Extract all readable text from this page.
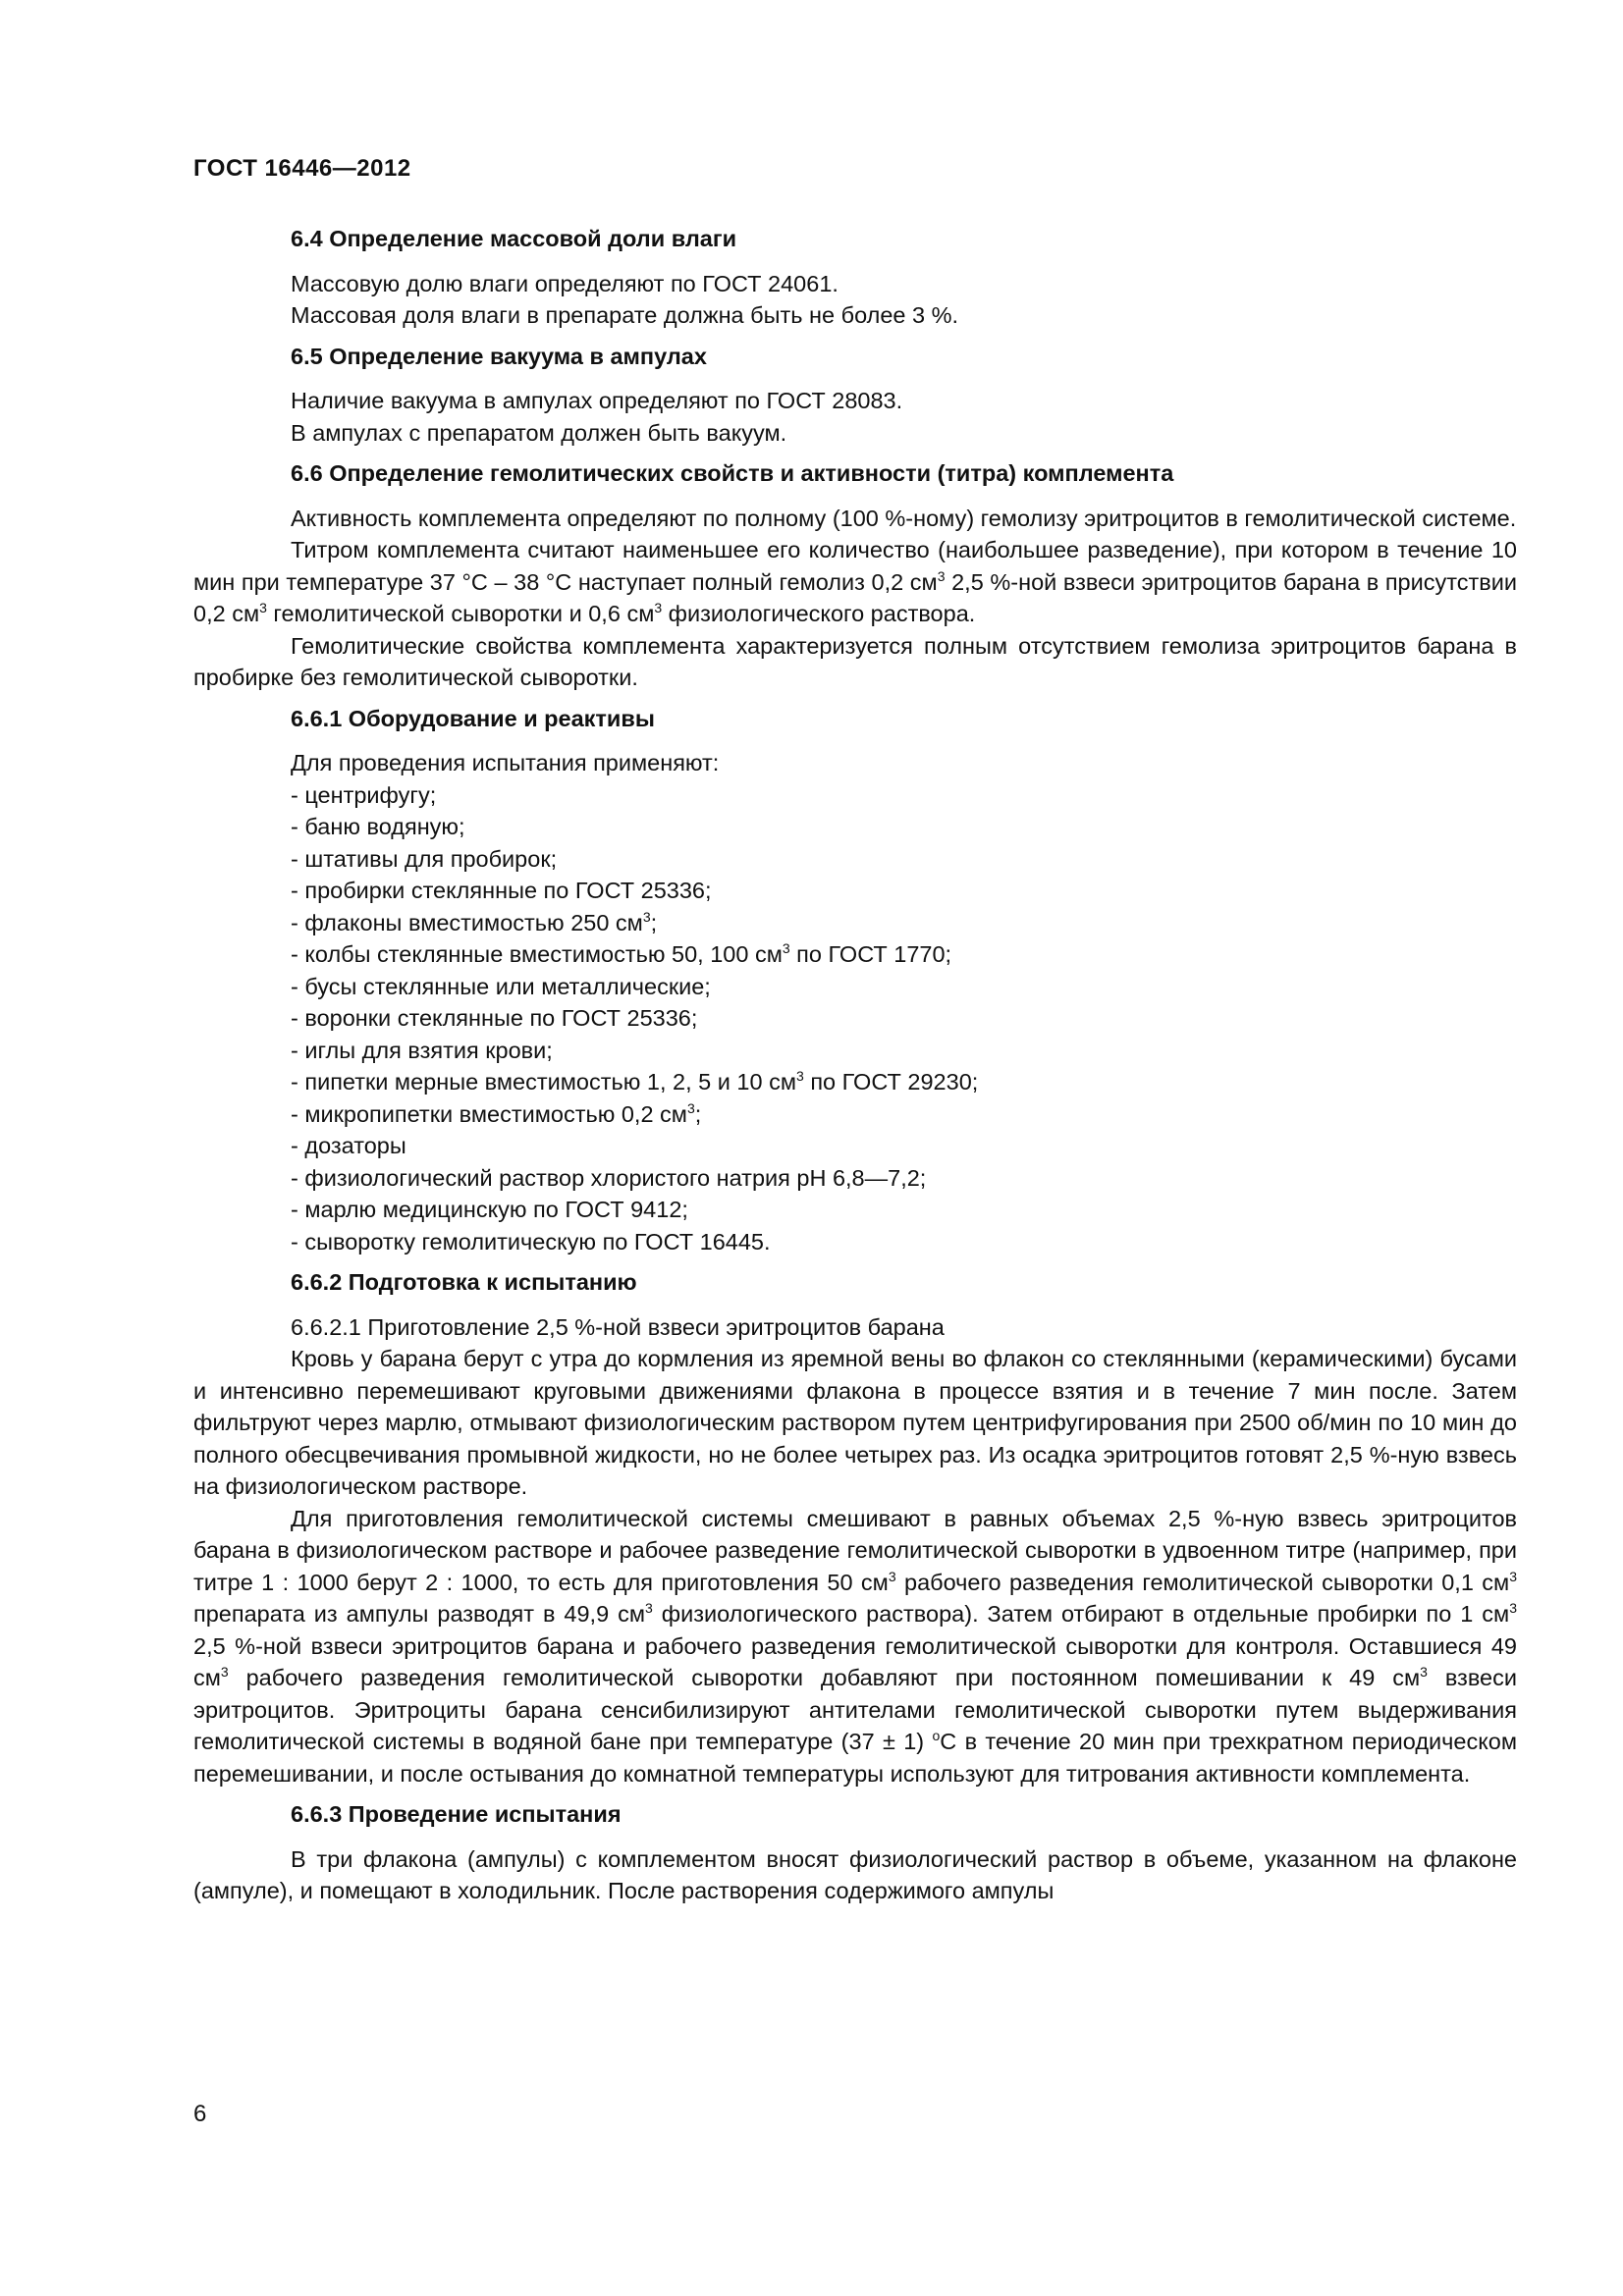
ГОСТ 16446—2012

6.4 Определение массовой доли влаги

Массовую долю влаги определяют по ГОСТ 24061.

Массовая доля влаги в препарате должна быть не более 3 %.

6.5 Определение вакуума в ампулах

Наличие вакуума в ампулах определяют по ГОСТ 28083.

В ампулах с препаратом должен быть вакуум.

6.6 Определение гемолитических свойств и активности (титра) комплемента

Активность комплемента определяют по полному (100 %-ному) гемолизу эритроцитов в гемолитической системе.

Титром комплемента считают наименьшее его количество (наибольшее разведение), при котором в течение 10 мин при температуре 37 °С – 38 °С наступает полный гемолиз 0,2 $см^3$ 2,5 %-ной взвеси эритроцитов барана в присутствии 0,2 $см^3$ гемолитической сыворотки и 0,6 $см^3$ физиологического раствора.

Гемолитические свойства комплемента характеризуется полным отсутствием гемолиза эритроцитов барана в пробирке без гемолитической сыворотки.

6.6.1 Оборудование и реактивы

Для проведения испытания применяют:

- центрифугу;

- баню водяную;

- штативы для пробирок;

- пробирки стеклянные по ГОСТ 25336;

- флаконы вместимостью 250 $см^3$;

- колбы стеклянные вместимостью 50, 100 $см^3$ по ГОСТ 1770;

- бусы стеклянные или металлические;

- воронки стеклянные по ГОСТ 25336;

- иглы для взятия крови;

- пипетки мерные вместимостью 1, 2, 5 и 10 $см^3$ по ГОСТ 29230;

- микропипетки вместимостью 0,2 $см^3$;

- дозаторы

- физиологический раствор хлористого натрия pH 6,8—7,2;

- марлю медицинскую по ГОСТ 9412;

- сыворотку гемолитическую по ГОСТ 16445.

6.6.2 Подготовка к испытанию

6.6.2.1 Приготовление 2,5 %-ной взвеси эритроцитов барана

Кровь у барана берут с утра до кормления из яремной вены во флакон со стеклянными (керамическими) бусами и интенсивно перемешивают круговыми движениями флакона в процессе взятия и в течение 7 мин после. Затем фильтруют через марлю, отмывают физиологическим раствором путем центрифугирования при 2500 об/мин по 10 мин до полного обесцвечивания промывной жидкости, но не более четырех раз. Из осадка эритроцитов готовят 2,5 %-ную взвесь на физиологическом растворе.

Для приготовления гемолитической системы смешивают в равных объемах 2,5 %-ную взвесь эритроцитов барана в физиологическом растворе и рабочее разведение гемолитической сыворотки в удвоенном титре (например, при титре 1 : 1000 берут 2 : 1000, то есть для приготовления 50 $см^3$ рабочего разведения гемолитической сыворотки 0,1 $см^3$ препарата из ампулы разводят в 49,9 $см^3$ физиологического раствора). Затем отбирают в отдельные пробирки по 1 $см^3$ 2,5 %-ной взвеси эритроцитов барана и рабочего разведения гемолитической сыворотки для контроля. Оставшиеся 49 $см^3$ рабочего разведения гемолитической сыворотки добавляют при постоянном помешивании к 49 $см^3$ взвеси эритроцитов. Эритроциты барана сенсибилизируют антителами гемолитической сыворотки путем выдерживания гемолитической системы в водяной бане при температуре (37 ± 1) $^о$С в течение 20 мин при трехкратном периодическом перемешивании, и после остывания до комнатной температуры используют для титрования активности комплемента.

6.6.3 Проведение испытания

В три флакона (ампулы) с комплементом вносят физиологический раствор в объеме, указанном на флаконе (ампуле), и помещают в холодильник. После растворения содержимого ампулы

6
